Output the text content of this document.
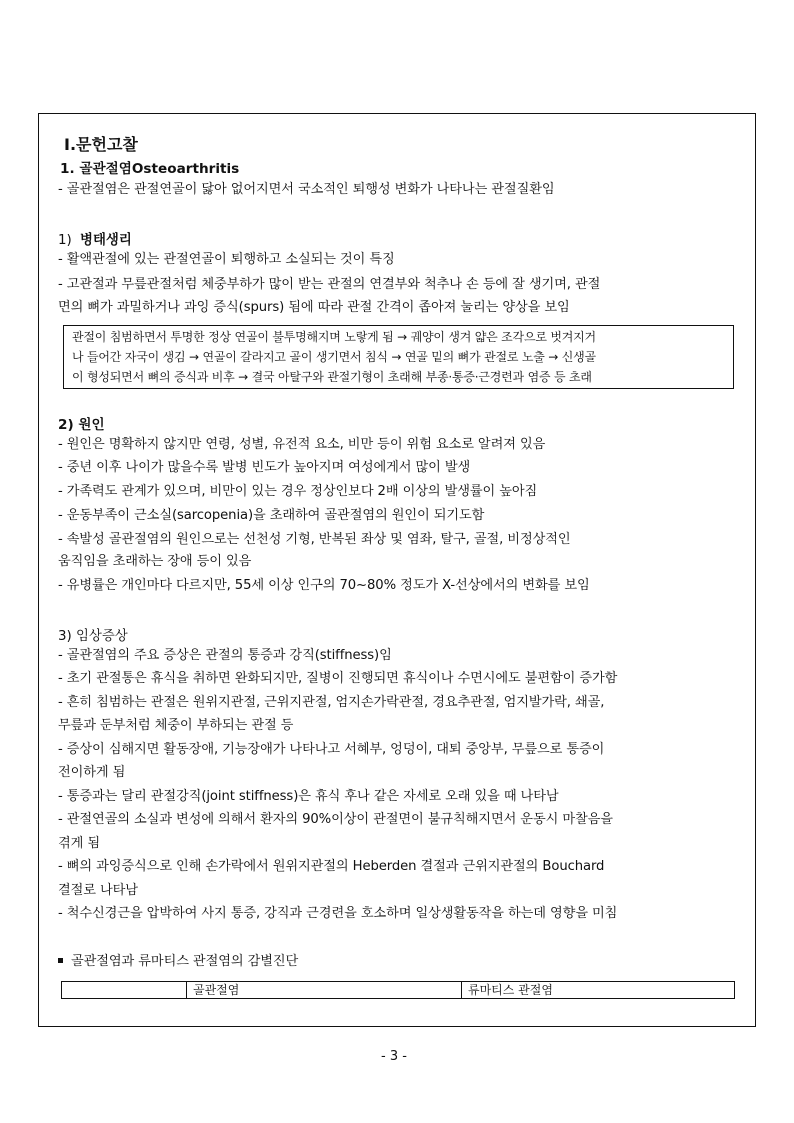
Ⅰ.문헌고찰
1. 골관절염Osteoarthritis
- 골관절염은 관절연골이 닳아 없어지면서 국소적인 퇴행성 변화가 나타나는 관절질환임
1) 병태생리
- 활액관절에 있는 관절연골이 퇴행하고 소실되는 것이 특징
- 고관절과 무릎관절처럼 체중부하가 많이 받는 관절의 연결부와 척추나 손 등에 잘 생기며, 관절
면의 뼈가 과밀하거나 과잉 증식(spurs) 됨에 따라 관절 간격이 좁아져 눌리는 양상을 보임
관절이 침범하면서 투명한 정상 연골이 불투명해지며 노랗게 됨 → 궤양이 생겨 얇은 조각으로 벗겨지거
나 들어간 자국이 생김 → 연골이 갈라지고 골이 생기면서 침식 → 연골 밑의 뼈가 관절로 노출 → 신생골
이 형성되면서 뼈의 증식과 비후 → 결국 아탈구와 관절기형이 초래해 부종·통증·근경련과 염증 등 초래
2) 원인
- 원인은 명확하지 않지만 연령, 성별, 유전적 요소, 비만 등이 위험 요소로 알려져 있음
- 중년 이후 나이가 많을수록 발병 빈도가 높아지며 여성에게서 많이 발생
- 가족력도 관계가 있으며, 비만이 있는 경우 정상인보다 2배 이상의 발생률이 높아짐
- 운동부족이 근소실(sarcopenia)을 초래하여 골관절염의 원인이 되기도함
- 속발성 골관절염의 원인으로는 선천성 기형, 반복된 좌상 및 염좌, 탈구, 골절, 비정상적인
움직임을 초래하는 장애 등이 있음
- 유병률은 개인마다 다르지만, 55세 이상 인구의 70~80% 정도가 X-선상에서의 변화를 보임
3) 임상증상
- 골관절염의 주요 증상은 관절의 통증과 강직(stiffness)임
- 초기 관절통은 휴식을 취하면 완화되지만, 질병이 진행되면 휴식이나 수면시에도 불편함이 증가함
- 흔히 침범하는 관절은 원위지관절, 근위지관절, 엄지손가락관절, 경요추관절, 엄지발가락, 쇄골,
무릎과 둔부처럼 체중이 부하되는 관절 등
- 증상이 심해지면 활동장애, 기능장애가 나타나고 서혜부, 엉덩이, 대퇴 중앙부, 무릎으로 통증이
전이하게 됨
- 통증과는 달리 관절강직(joint stiffness)은 휴식 후나 같은 자세로 오래 있을 때 나타남
- 관절연골의 소실과 변성에 의해서 환자의 90%이상이 관절면이 불규칙해지면서 운동시 마찰음을
겪게 됨
- 뼈의 과잉증식으로 인해 손가락에서 원위지관절의 Heberden 결절과 근위지관절의 Bouchard
결절로 나타남
- 척수신경근을 압박하여 사지 통증, 강직과 근경련을 호소하며 일상생활동작을 하는데 영향을 미침
골관절염과 류마티스 관절염의 감별진단
골관절염	류마티스 관절염
- 3 -
